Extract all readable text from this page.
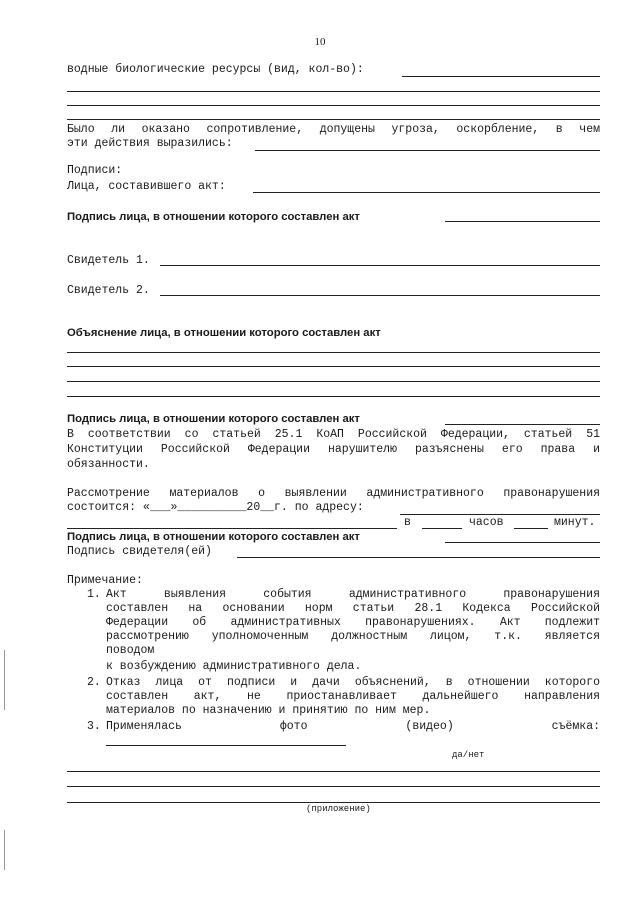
10
водные биологические ресурсы (вид, кол-во):
Было ли оказано сопротивление, допущены угроза, оскорбление, в чем
эти действия выразились:
Подписи:
Лица, составившего акт:
Подпись лица, в отношении которого составлен акт
Свидетель 1.
Свидетель 2.
Объяснение лица, в отношении которого составлен акт
Подпись лица, в отношении которого составлен акт
В соответствии со статьей 25.1 КоАП Российской Федерации, статьей 51
Конституции Российской Федерации нарушителю разъяснены его права и
обязанности.
Рассмотрение материалов о выявлении административного правонарушения
состоится: «___»__________20__г. по адресу:
в	часов	минут.
Подпись лица, в отношении которого составлен акт
Подпись свидетеля(ей)
Примечание:
1. Акт выявления события административного правонарушения
составлен на основании норм статьи 28.1 Кодекса Российской
Федерации об административных правонарушениях. Акт подлежит
рассмотрению уполномоченным должностным лицом, т.к. является
поводом
к возбуждению административного дела.
2. Отказ лица от подписи и дачи объяснений, в отношении которого
составлен акт, не приостанавливает дальнейшего направления
материалов по назначению и принятию по ним мер.
3. Применялась фото (видео) съёмка:
да/нет
(приложение)
